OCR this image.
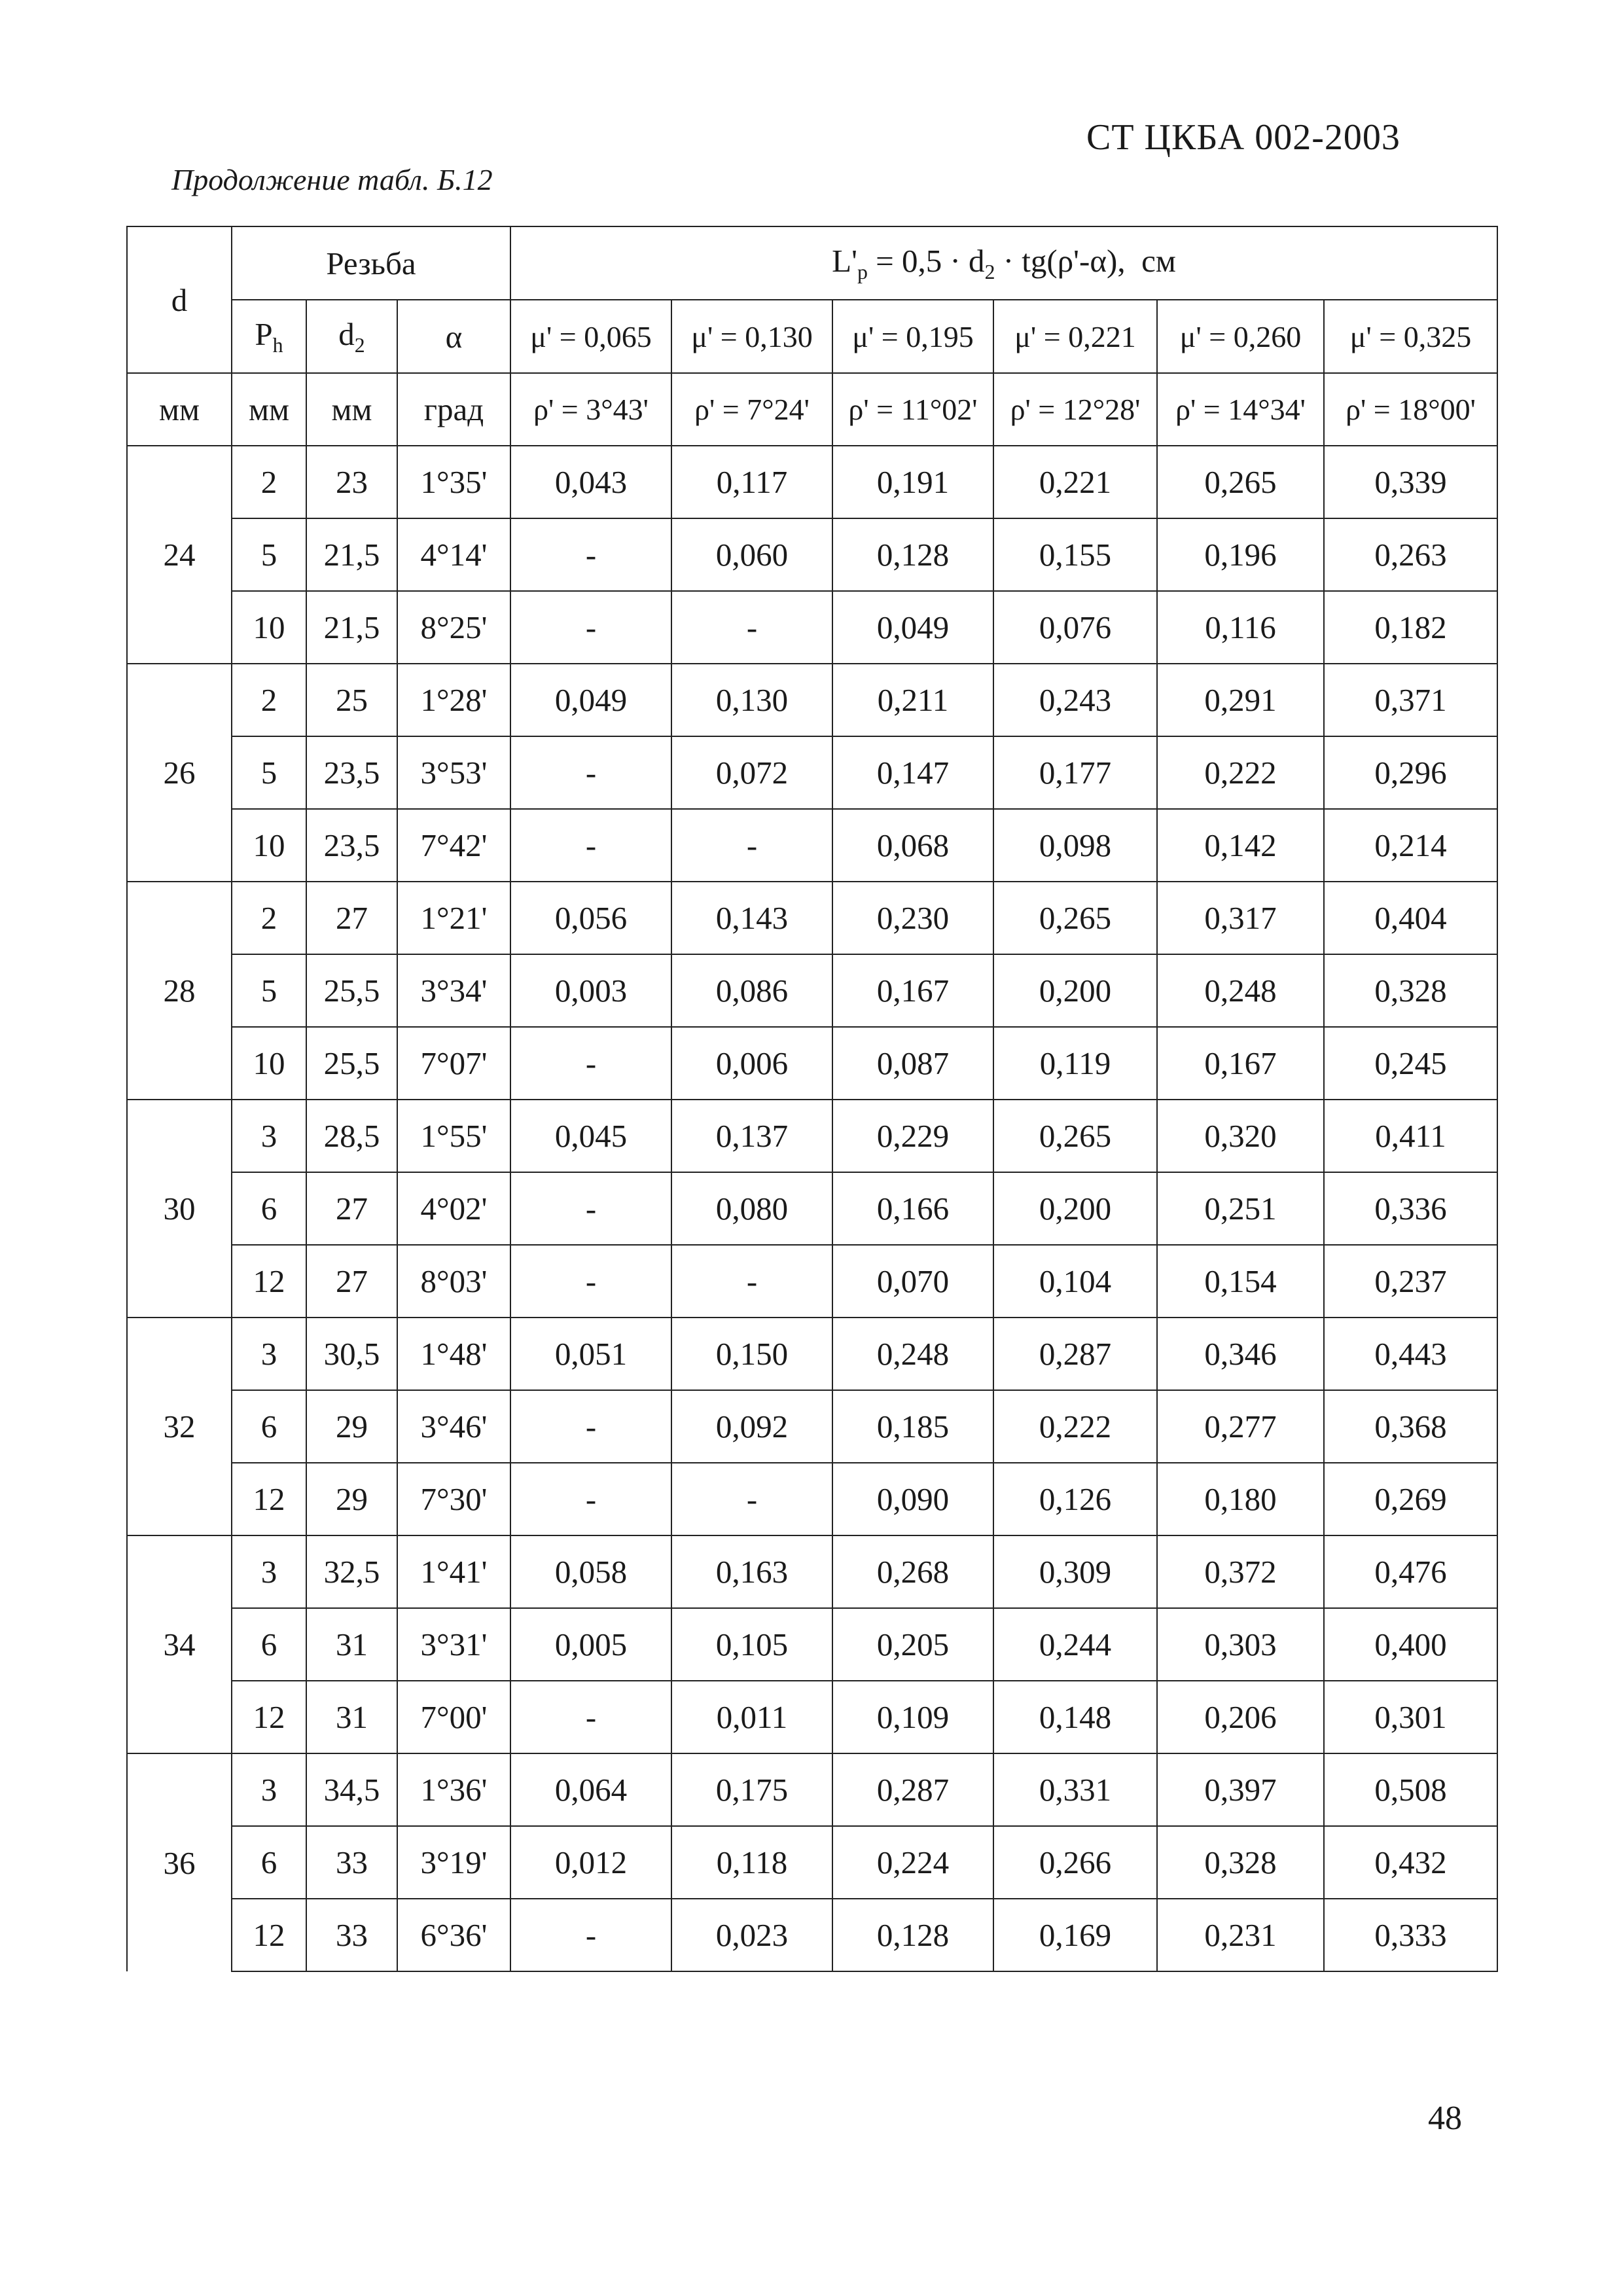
СТ ЦКБА 002-2003
Продолжение табл. Б.12
d	Резьба			$L'_p = 0,5 \cdot d_2 \cdot tg(\rho'-\alpha)$,  см					
	$P_h$	$d_2$	α	μ' = 0,065	μ' = 0,130	μ' = 0,195	μ' = 0,221	μ' = 0,260	μ' = 0,325
мм	мм	мм	град	ρ' = 3°43'	ρ' = 7°24'	ρ' = 11°02'	ρ' = 12°28'	ρ' = 14°34'	ρ' = 18°00'
24	2	23	1°35'	0,043	0,117	0,191	0,221	0,265	0,339
	5	21,5	4°14'	-	0,060	0,128	0,155	0,196	0,263
	10	21,5	8°25'	-	-	0,049	0,076	0,116	0,182
26	2	25	1°28'	0,049	0,130	0,211	0,243	0,291	0,371
	5	23,5	3°53'	-	0,072	0,147	0,177	0,222	0,296
	10	23,5	7°42'	-	-	0,068	0,098	0,142	0,214
28	2	27	1°21'	0,056	0,143	0,230	0,265	0,317	0,404
	5	25,5	3°34'	0,003	0,086	0,167	0,200	0,248	0,328
	10	25,5	7°07'	-	0,006	0,087	0,119	0,167	0,245
30	3	28,5	1°55'	0,045	0,137	0,229	0,265	0,320	0,411
	6	27	4°02'	-	0,080	0,166	0,200	0,251	0,336
	12	27	8°03'	-	-	0,070	0,104	0,154	0,237
32	3	30,5	1°48'	0,051	0,150	0,248	0,287	0,346	0,443
	6	29	3°46'	-	0,092	0,185	0,222	0,277	0,368
	12	29	7°30'	-	-	0,090	0,126	0,180	0,269
34	3	32,5	1°41'	0,058	0,163	0,268	0,309	0,372	0,476
	6	31	3°31'	0,005	0,105	0,205	0,244	0,303	0,400
	12	31	7°00'	-	0,011	0,109	0,148	0,206	0,301
36	3	34,5	1°36'	0,064	0,175	0,287	0,331	0,397	0,508
	6	33	3°19'	0,012	0,118	0,224	0,266	0,328	0,432
	12	33	6°36'	-	0,023	0,128	0,169	0,231	0,333
48
